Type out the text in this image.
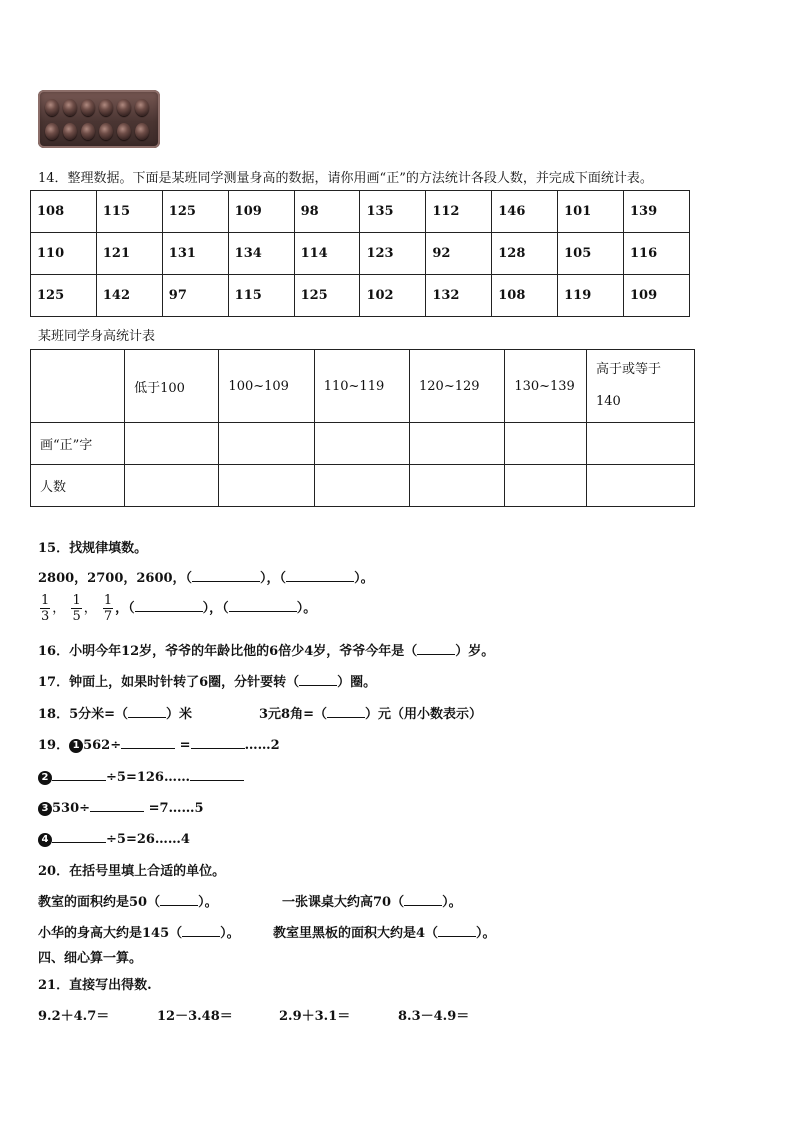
14．整理数据。下面是某班同学测量身高的数据，请你用画“正”的方法统计各段人数，并完成下面统计表。
108	115	125	109	98	135	112	146	101	139
110	121	131	134	114	123	92	128	105	116
125	142	97	115	125	102	132	108	119	109
某班同学身高统计表
	低于100	100~109	110~119	120~129	130~139	高于或等于
140
画“正”字						
人数						
15．找规律填数。
2800，2700，2600，（	），（	）。
$\frac{1}{3}$ ， $\frac{1}{5}$ ， $\frac{1}{7}$ ，（	），（	）。
16．小明今年12岁，爷爷的年龄比他的6倍少4岁，爷爷今年是（	）岁。
17．钟面上，如果时针转了6圈，分针要转（	）圈。
18．5分米=（	）米	3元8角=（	）元（用小数表示）
19． 1 562÷	=	……2
2	÷5=126……
3 530÷	=7……5
4	÷5=26……4
20．在括号里填上合适的单位。
教室的面积约是50（	）。	一张课桌大约高70（	）。
小华的身高大约是145（	）。	教室里黑板的面积大约是4（	）。
四、细心算一算。
21．直接写出得数.
9.2＋4.7＝	12－3.48＝	2.9＋3.1＝	8.3－4.9＝
